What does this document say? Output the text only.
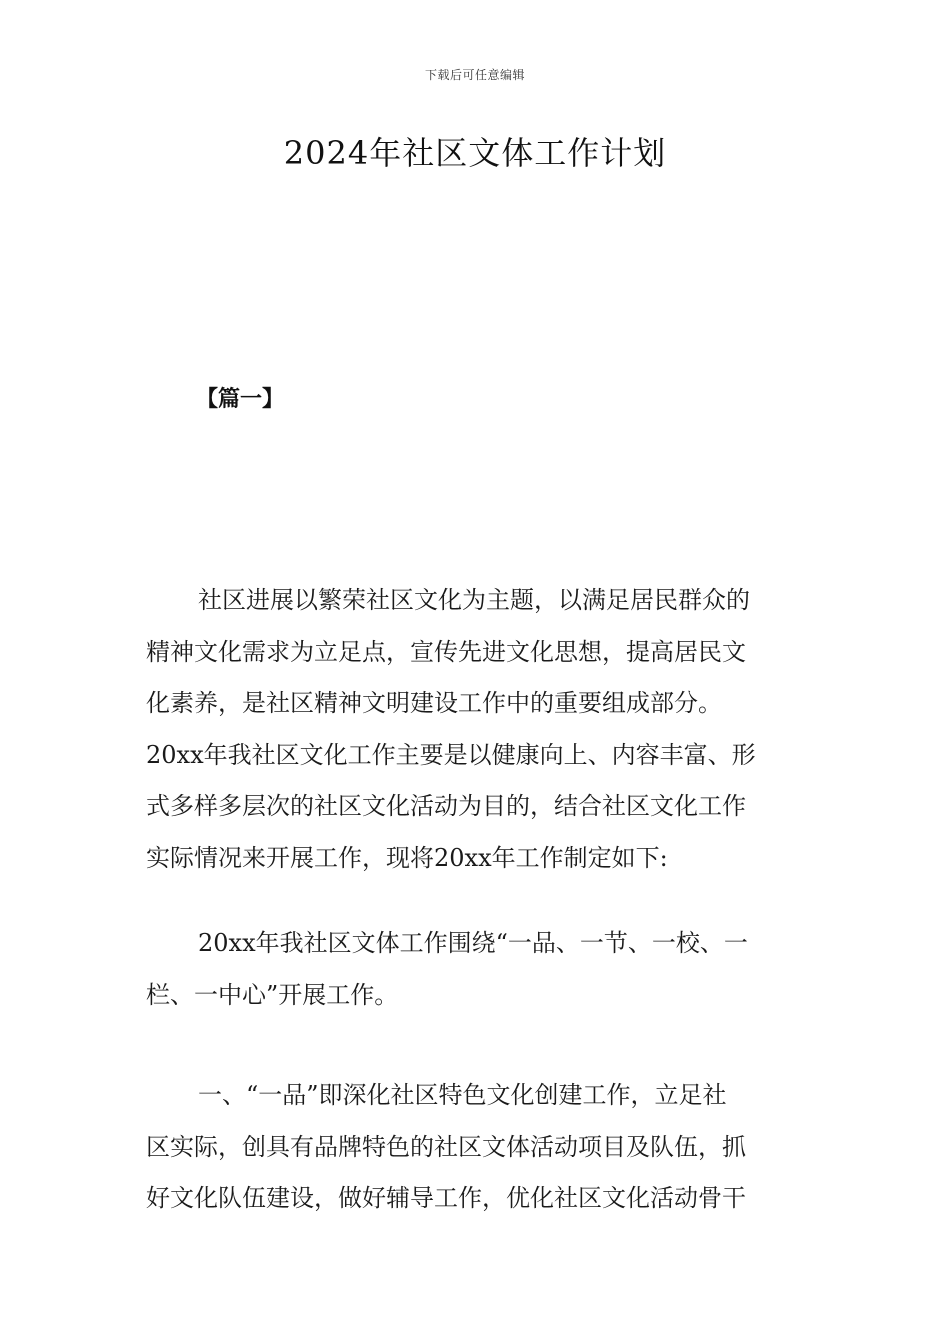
下载后可任意编辑
2024年社区文体工作计划
【篇一】

社区进展以繁荣社区文化为主题，以满足居民群众的
精神文化需求为立足点，宣传先进文化思想，提高居民文
化素养，是社区精神文明建设工作中的重要组成部分。
20xx年我社区文化工作主要是以健康向上、内容丰富、形
式多样多层次的社区文化活动为目的，结合社区文化工作
实际情况来开展工作，现将20xx年工作制定如下:

20xx年我社区文体工作围绕“一品、一节、一校、一
栏、一中心”开展工作。

一、“一品”即深化社区特色文化创建工作，立足社
区实际，创具有品牌特色的社区文体活动项目及队伍，抓
好文化队伍建设，做好辅导工作，优化社区文化活动骨干
